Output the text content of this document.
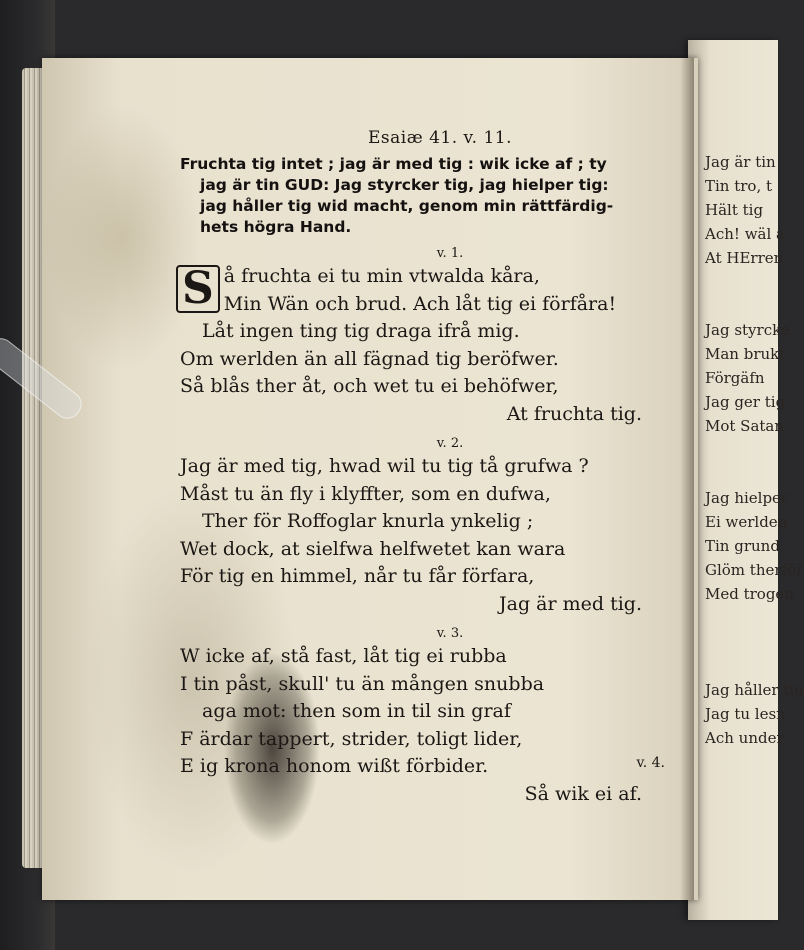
Esaiæ 41. v. 11.
Fruchta tig intet ; jag är med tig : wik icke af ; ty
jag är tin GUD: Jag styrcker tig, jag hielper tig:
jag håller tig wid macht, genom min rättfärdig-
hets högra Hand.
v. 1.
S å fruchta ei tu min vtwalda kåra,
Min Wän och brud. Ach låt tig ei förfåra!
Låt ingen ting tig draga ifrå mig.
Om werlden än all fägnad tig beröfwer.
Så blås ther åt, och wet tu ei behöfwer,
At fruchta tig.
v. 2.
Jag är med tig, hwad wil tu tig tå grufwa ?
Måst tu än fly i klyffter, som en dufwa,
Ther för Roffoglar knurla ynkelig ;
Wet dock, at sielfwa helfwetet kan wara
För tig en himmel, når tu får förfara,
Jag är med tig.
v. 3.
W icke af, stå fast, låt tig ei rubba
I tin påst, skull' tu än mången snubba
aga mot: then som in til sin graf
F ärdar tappert, strider, toligt lider,
E ig krona honom wißt förbider.
Så wik ei af.
v. 4.
Jag är tin
Tin tro, t
Hält tig
Ach! wäl a
At HErren
Jag styrcke
Man brukt
Förgäfn
Jag ger tig
Mot Satan
Jag hielper
Ei werlden
Tin grund
Glöm therför
Med trogen
Jag håller tig
Jag tu lesn
Ach under
